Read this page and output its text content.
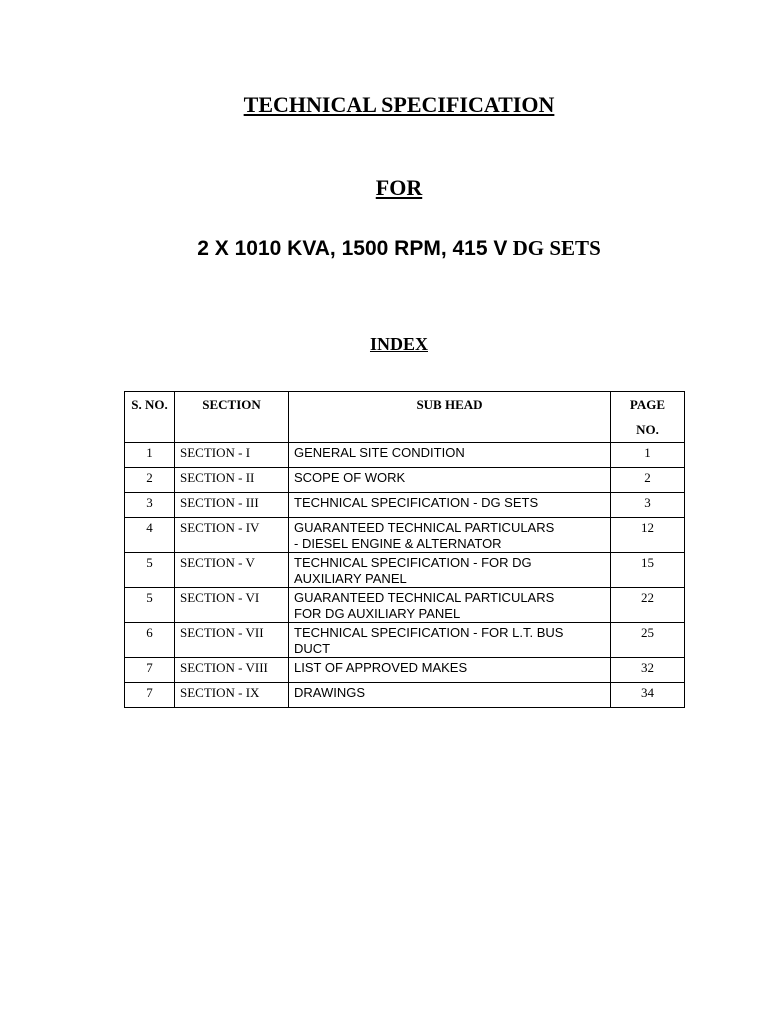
TECHNICAL SPECIFICATION
FOR
2 X 1010 KVA, 1500 RPM, 415 V DG SETS
INDEX
S. NO.	SECTION	SUB HEAD	PAGE
NO.
1	SECTION - I	GENERAL SITE CONDITION	1
2	SECTION - II	SCOPE OF WORK	2
3	SECTION - III	TECHNICAL SPECIFICATION - DG SETS	3
4	SECTION - IV	GUARANTEED TECHNICAL PARTICULARS
- DIESEL ENGINE & ALTERNATOR	12
5	SECTION - V	TECHNICAL SPECIFICATION - FOR DG
AUXILIARY PANEL	15
5	SECTION - VI	GUARANTEED TECHNICAL PARTICULARS
FOR DG AUXILIARY PANEL	22
6	SECTION - VII	TECHNICAL SPECIFICATION - FOR L.T. BUS
DUCT	25
7	SECTION - VIII	LIST OF APPROVED MAKES	32
7	SECTION - IX	DRAWINGS	34
